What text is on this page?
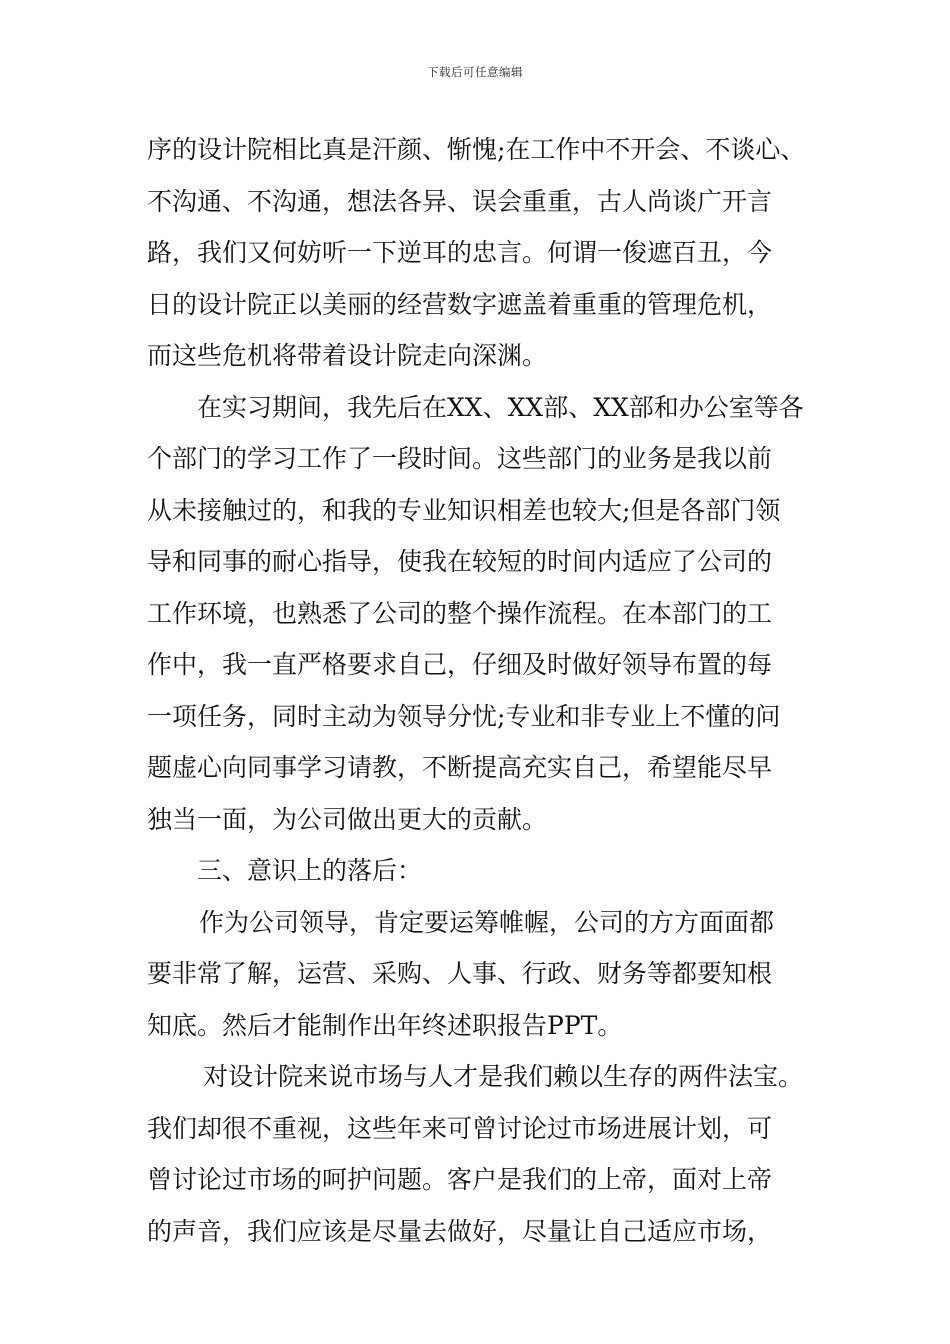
下载后可任意编辑
序的设计院相比真是汗颜、惭愧;在工作中不开会、不谈心、
不沟通、不沟通，想法各异、误会重重，古人尚谈广开言
路，我们又何妨听一下逆耳的忠言。何谓一俊遮百丑，今
日的设计院正以美丽的经营数字遮盖着重重的管理危机，
而这些危机将带着设计院走向深渊。
在实习期间，我先后在XX、XX部、XX部和办公室等各
个部门的学习工作了一段时间。这些部门的业务是我以前
从未接触过的，和我的专业知识相差也较大;但是各部门领
导和同事的耐心指导，使我在较短的时间内适应了公司的
工作环境，也熟悉了公司的整个操作流程。在本部门的工
作中，我一直严格要求自己，仔细及时做好领导布置的每
一项任务，同时主动为领导分忧;专业和非专业上不懂的问
题虚心向同事学习请教，不断提高充实自己，希望能尽早
独当一面，为公司做出更大的贡献。
三、意识上的落后：
作为公司领导，肯定要运筹帷幄，公司的方方面面都
要非常了解，运营、采购、人事、行政、财务等都要知根
知底。然后才能制作出年终述职报告PPT。
对设计院来说市场与人才是我们赖以生存的两件法宝。
我们却很不重视，这些年来可曾讨论过市场进展计划，可
曾讨论过市场的呵护问题。客户是我们的上帝，面对上帝
的声音，我们应该是尽量去做好，尽量让自己适应市场，
